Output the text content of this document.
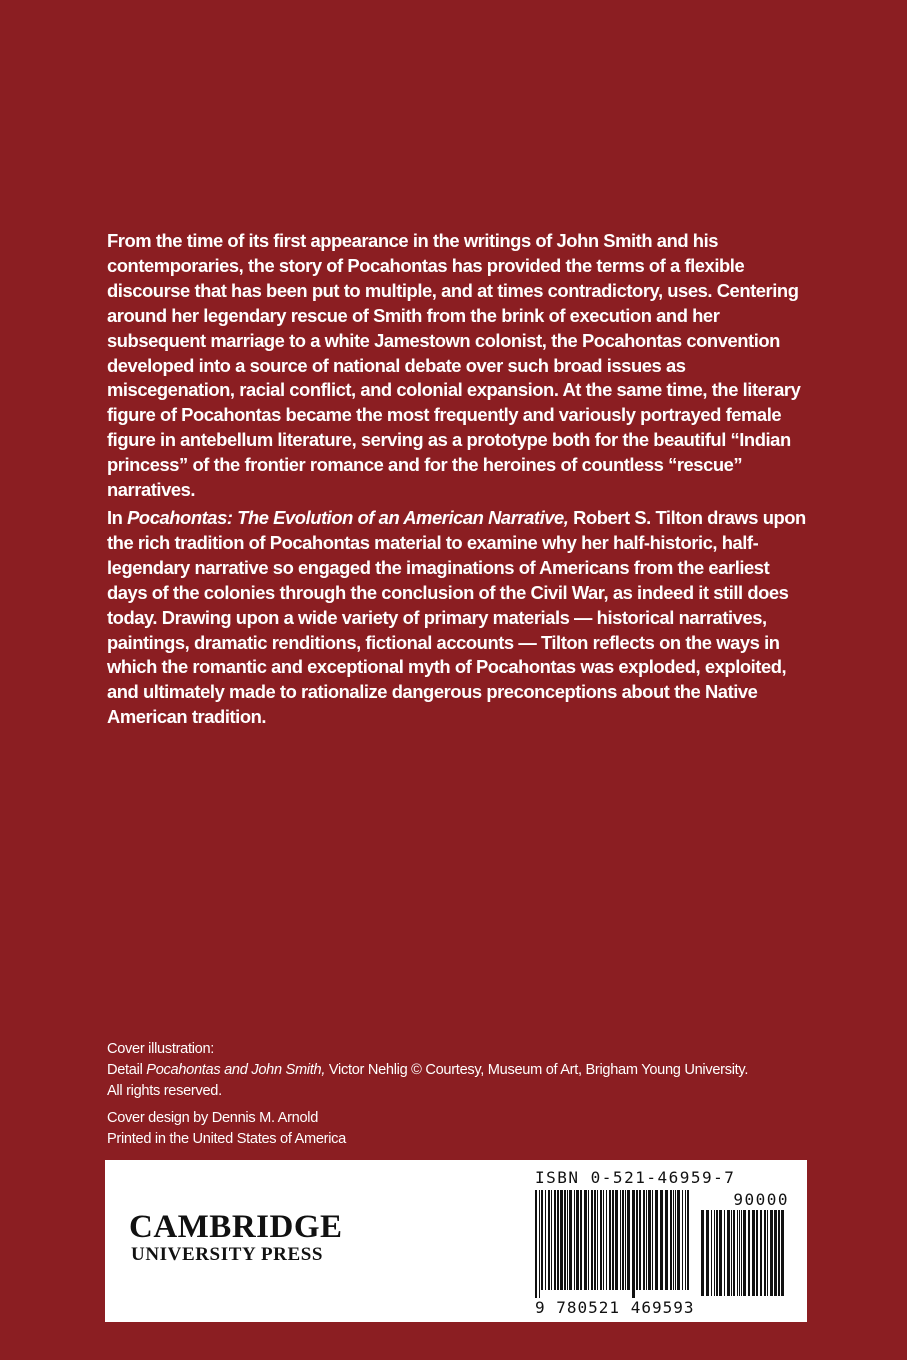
From the time of its first appearance in the writings of John Smith and his contemporaries, the story of Pocahontas has provided the terms of a flexible discourse that has been put to multiple, and at times contradictory, uses. Centering around her legendary rescue of Smith from the brink of execution and her subsequent marriage to a white Jamestown colonist, the Pocahontas convention developed into a source of national debate over such broad issues as miscegenation, racial conflict, and colonial expansion. At the same time, the literary figure of Pocahontas became the most frequently and variously portrayed female figure in antebellum literature, serving as a prototype both for the beautiful “Indian princess” of the frontier romance and for the heroines of countless “rescue” narratives.

In Pocahontas: The Evolution of an American Narrative, Robert S. Tilton draws upon the rich tradition of Pocahontas material to examine why her half-historic, half-legendary narrative so engaged the imaginations of Americans from the earliest days of the colonies through the conclusion of the Civil War, as indeed it still does today. Drawing upon a wide variety of primary materials — historical narratives, paintings, dramatic renditions, fictional accounts — Tilton reflects on the ways in which the romantic and exceptional myth of Pocahontas was exploded, exploited, and ultimately made to rationalize dangerous preconceptions about the Native American tradition.

Cover illustration:
Detail Pocahontas and John Smith, Victor Nehlig © Courtesy, Museum of Art, Brigham Young University.
All rights reserved.
Cover design by Dennis M. Arnold
Printed in the United States of America
CAMBRIDGE
UNIVERSITY PRESS
ISBN 0-521-46959-7
90000
9 780521 469593
